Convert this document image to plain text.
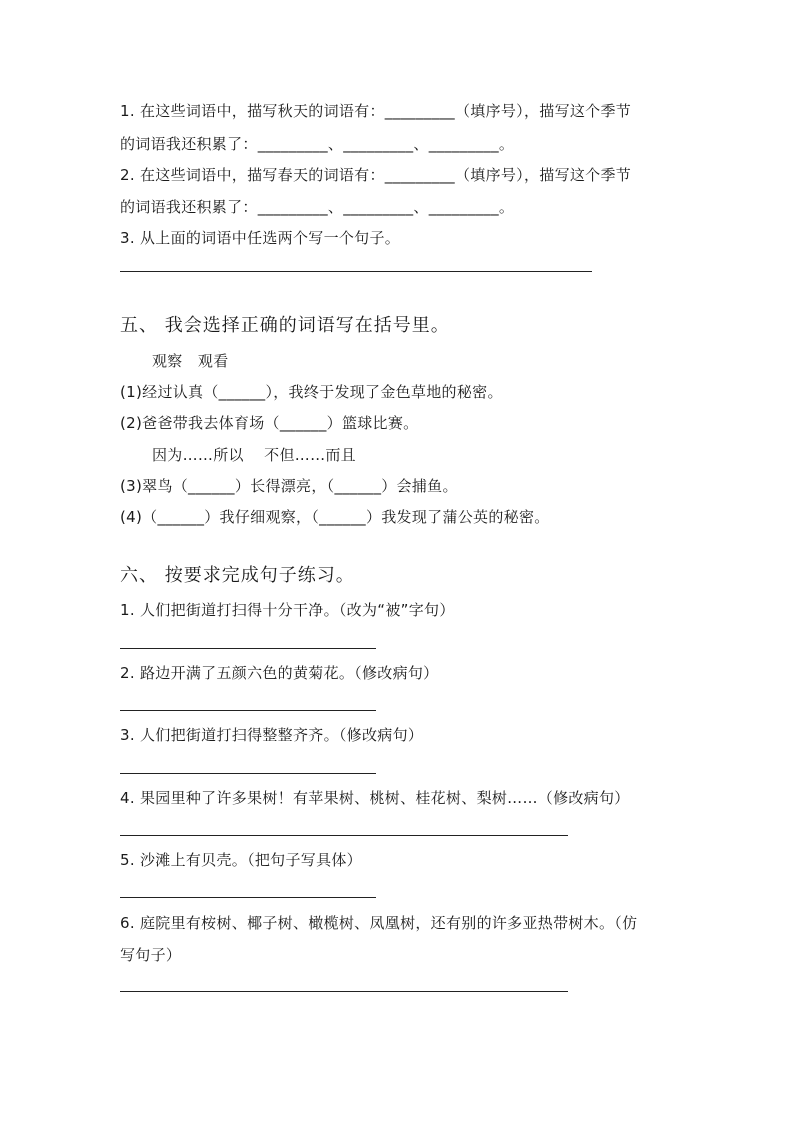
1. 在这些词语中，描写秋天的词语有：_________（填序号），描写这个季节
的词语我还积累了：_________、_________、_________。
2. 在这些词语中，描写春天的词语有：_________（填序号），描写这个季节
的词语我还积累了：_________、_________、_________。
3. 从上面的词语中任选两个写一个句子。
五、 我会选择正确的词语写在括号里。
观察　观看
(1)经过认真（______），我终于发现了金色草地的秘密。
(2)爸爸带我去体育场（______）篮球比赛。
因为……所以　 不但……而且
(3)翠鸟（______）长得漂亮，（______）会捕鱼。
(4)（______）我仔细观察，（______）我发现了蒲公英的秘密。
六、 按要求完成句子练习。
1. 人们把街道打扫得十分干净。（改为“被”字句）
2. 路边开满了五颜六色的黄菊花。（修改病句）
3. 人们把街道打扫得整整齐齐。（修改病句）
4. 果园里种了许多果树！有苹果树、桃树、桂花树、梨树……（修改病句）
5. 沙滩上有贝壳。（把句子写具体）
6. 庭院里有桉树、椰子树、橄榄树、凤凰树，还有别的许多亚热带树木。（仿
写句子）
